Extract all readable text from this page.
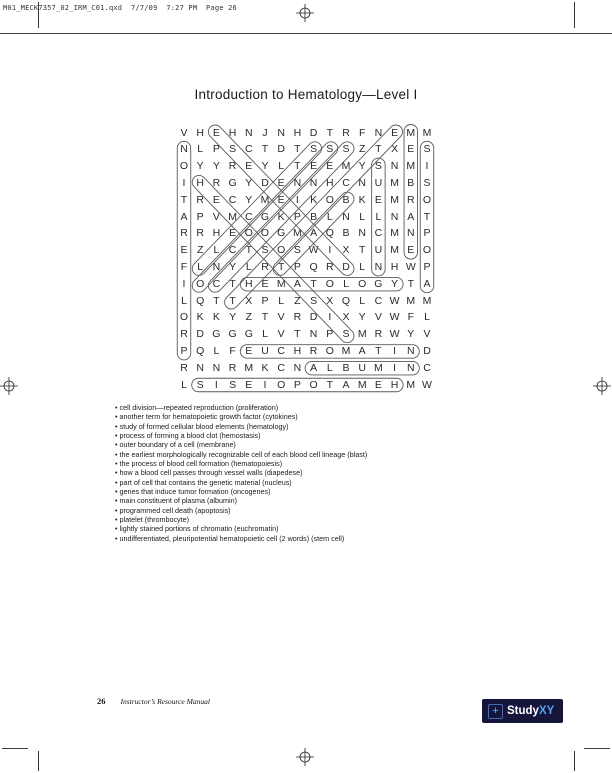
M01_MECK7357_02_IRM_C01.qxd  7/7/09  7:27 PM  Page 26
Introduction to Hematology—Level I
V H E H N J N H D T R F N E M M
N L P S C T D T S S S Z T X E S
O Y Y R E Y L T E E M Y S N M I
I	H R G Y D E N N H C N U M B S
T R E C Y M E	I	K O B K E M R O
A P V M C G K P B L N L L N A T
R R H E O O G M A Q B N C M N P
E Z L C T S O S W I	X T U M E O
F L N Y L R T P Q R D L N H W P
I	O C T H E M A T O L O G Y T A
L Q T T X P L Z S X Q L C W M M
O K K Y Z T V R D	I	X Y V W F L
R D G G G L V T N P S M R W Y V
P Q L F E U C H R O M A T	I	N D
R N N R M K C N A L B U M I	N C
L S	I	S E	I	O P O T A M E H M W
• cell division—repeated reproduction (proliferation)
• another term for hematopoietic growth factor (cytokines)
• study of formed cellular blood elements (hematology)
• process of forming a blood clot (hemostasis)
• outer boundary of a cell (membrane)
• the earliest morphologically recognizable cell of each blood cell lineage (blast)
• the process of blood cell formation (hematopoiesis)
• how a blood cell passes through vessel walls (diapedese)
• part of cell that contains the genetic material (nucleus)
• genes that induce tumor formation (oncogenes)
• main constituent of plasma (albumin)
• programmed cell death (apoptosis)
• platelet (thrombocyte)
• lightly stained portions of chromatin (euchromatin)
• undifferentiated, pleuripotential hematopoietic cell (2 words) (stem cell)
26 Instructor’s Resource Manual
+ StudyXY
